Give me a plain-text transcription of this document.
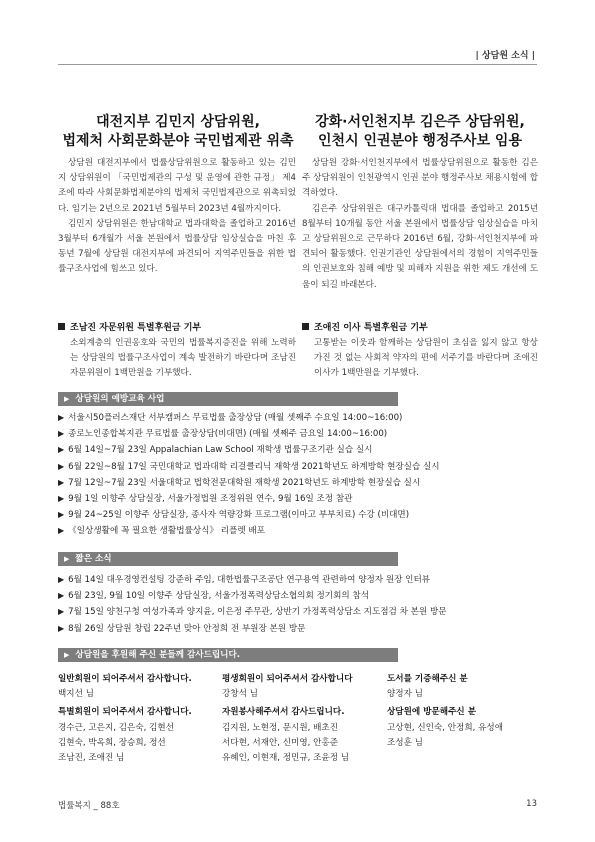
| 상담원 소식 |
대전지부 김민지 상담위원,
법제처 사회문화분야 국민법제관 위촉

상담원 대전지부에서 법률상담위원으로 활동하고 있는 김민지 상담위원이 「국민법제관의 구성 및 운영에 관한 규정」 제4조에 따라 사회문화법제분야의 법제처 국민법제관으로 위촉되었다. 임기는 2년으로 2021년 5월부터 2023년 4월까지이다.

김민지 상담위원은 한남대학교 법과대학을 졸업하고 2016년 3월부터 6개월가 서울 본원에서 법률상담 임상실습을 마친 후 동년 7월에 상담원 대전지부에 파견되어 지역주민들을 위한 법률구조사업에 힘쓰고 있다.

강화·서인천지부 김은주 상담위원,
인천시 인권분야 행정주사보 임용

상담원 강화·서인천지부에서 법률상담위원으로 활동한 김은주 상담위원이 인천광역시 인권 분야 행정주사보 채용시험에 합격하였다.

김은주 상담위원은 대구카톨릭대 법대를 졸업하고 2015년 8월부터 10개월 동안 서울 본원에서 법률상담 임상실습을 마치고 상담위원으로 근무하다 2016년 6월, 강화·서인천지부에 파견되어 활동했다. 인권기관인 상담원에서의 경험이 지역주민들의 인권보호와 침해 예방 및 피해자 지원을 위한 제도 개선에 도움이 되길 바래본다.

조남진 자문위원 특별후원금 기부
소외계층의 인권옹호와 국민의 법률복지증진을 위해 노력하는 상담원의 법률구조사업이 계속 발전하기 바란다며 조남진 자문위원이 1백만원을 기부했다.
조애진 이사 특별후원금 기부
고통받는 이웃과 함께하는 상담원이 초심을 잃지 않고 항상 가진 것 없는 사회적 약자의 편에 서주기를 바란다며 조애진 이사가 1백만원을 기부했다.
▶ 상담원의 예방교육 사업
▶ 서울시50플러스재단 서부캠퍼스 무료법률 출장상담 (매월 셋째주 수요일 14:00~16:00)
▶ 종로노인종합복지관 무료법률 출장상담(비대면) (매월 셋째주 금요일 14:00~16:00)
▶ 6월 14일~7월 23일 Appalachian Law School 재학생 법률구조기관 실습 실시
▶ 6월 22일~8월 17일 국민대학교 법과대학 리걸클리닉 재학생 2021학년도 하계방학 현장실습 실시
▶ 7월 12일~7월 23일 서울대학교 법학전문대학원 재학생 2021학년도 하계방학 현장실습 실시
▶ 9월 1일 이향주 상담실장, 서울가정법원 조정위원 연수, 9월 16일 조정 참관
▶ 9월 24~25일 이향주 상담실장, 종사자 역량강화 프로그램(이마고 부부치료) 수강 (비대면)
▶ 《일상생활에 꼭 필요한 생활법률상식》 리플렛 배포
▶ 짧은 소식
▶ 6월 14일 대우경영컨설팅 강준하 주임, 대한법률구조공단 연구용역 관련하여 양정자 원장 인터뷰
▶ 6월 23일, 9월 10일 이향주 상담실장, 서울가정폭력상담소협의회 정기회의 참석
▶ 7월 15일 양천구청 여성가족과 양지윤, 이은정 주무관, 상반기 가정폭력상담소 지도점검 차 본원 방문
▶ 8월 26일 상담원 창립 22주년 맞아 안정희 전 부원장 본원 방문
▶ 상담원을 후원해 주신 분들께 감사드립니다.
일반회원이 되어주셔서 감사합니다.
백지선 님
특별회원이 되어주셔서 감사합니다.
경수근, 고은지, 김은숙, 김현선
김현숙, 박옥희, 장승희, 정선
조남진, 조애진 님
평생회원이 되어주셔서 감사합니다
강창석 님
자원봉사해주셔서 감사드립니다.
김지원, 노현정, 문시원, 배초진
서다현, 서재안, 신미영, 안홍준
유혜인, 이현재, 정민규, 조윤정 님
도서를 기증해주신 분
양정자 님
상담원에 방문해주신 분
고상현, 신인숙, 안정희, 유성애
조성훈 님
법률복지 _ 88호	13
